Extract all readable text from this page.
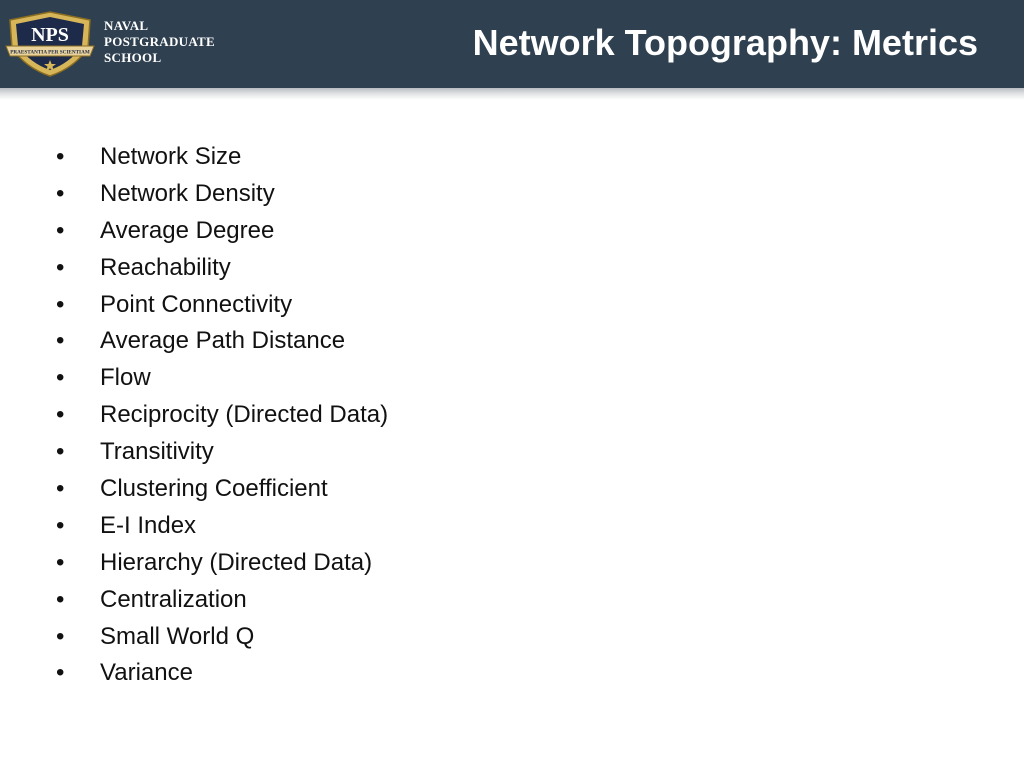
NPS
PRAESTANTIA PER SCIENTIAM
NAVAL
POSTGRADUATE
SCHOOL	Network Topography: Metrics
•	Network Size
•	Network Density
•	Average Degree
•	Reachability
•	Point Connectivity
•	Average Path Distance
•	Flow
•	Reciprocity (Directed Data)
•	Transitivity
•	Clustering Coefficient
•	E-I Index
•	Hierarchy (Directed Data)
•	Centralization
•	Small World Q
•	Variance
